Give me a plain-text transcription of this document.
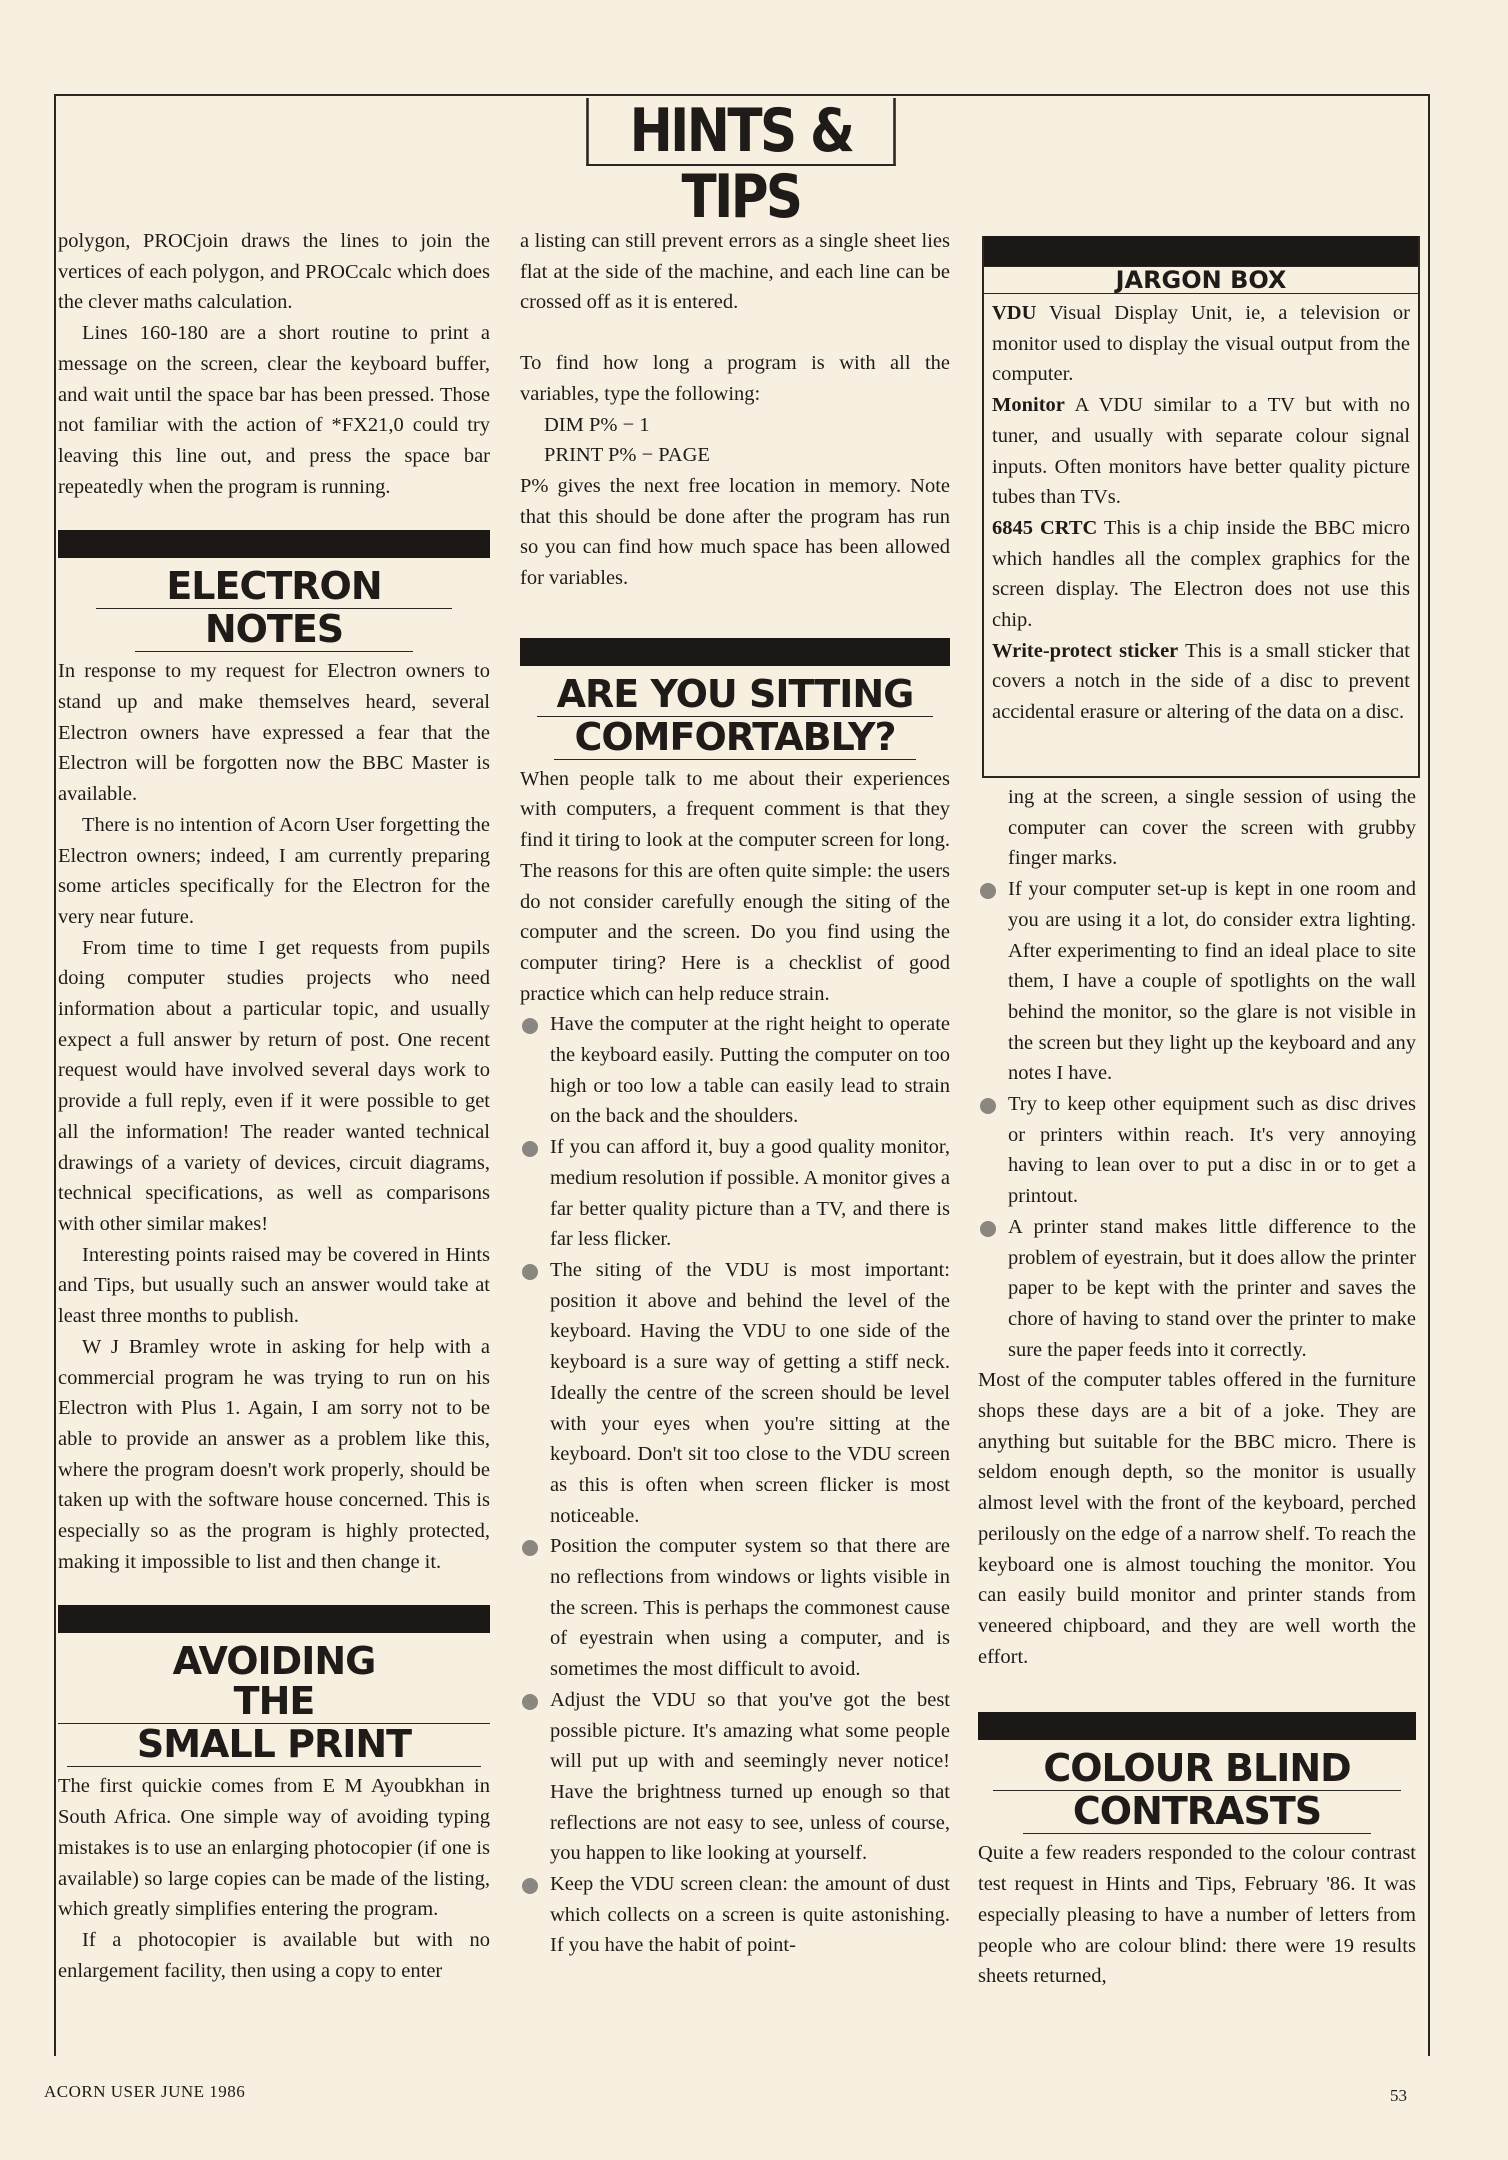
HINTS & TIPS

polygon, PROCjoin draws the lines to join the vertices of each polygon, and PROCcalc which does the clever maths calculation.

Lines 160-180 are a short routine to print a message on the screen, clear the keyboard buffer, and wait until the space bar has been pressed. Those not familiar with the action of *FX21,0 could try leaving this line out, and press the space bar repeatedly when the program is running.

ELECTRON
NOTES

In response to my request for Electron owners to stand up and make themselves heard, several Electron owners have expressed a fear that the Electron will be forgotten now the BBC Master is available.

There is no intention of Acorn User forgetting the Electron owners; indeed, I am currently preparing some articles specifically for the Electron for the very near future.

From time to time I get requests from pupils doing computer studies projects who need information about a particular topic, and usually expect a full answer by return of post. One recent request would have involved several days work to provide a full reply, even if it were possible to get all the information! The reader wanted technical drawings of a variety of devices, circuit diagrams, technical specifications, as well as comparisons with other similar makes!

Interesting points raised may be covered in Hints and Tips, but usually such an answer would take at least three months to publish.

W J Bramley wrote in asking for help with a commercial program he was trying to run on his Electron with Plus 1. Again, I am sorry not to be able to provide an answer as a problem like this, where the program doesn't work properly, should be taken up with the software house concerned. This is especially so as the program is highly protected, making it impossible to list and then change it.

AVOIDING THE
SMALL PRINT

The first quickie comes from E M Ayoubkhan in South Africa. One simple way of avoiding typing mistakes is to use an enlarging photocopier (if one is available) so large copies can be made of the listing, which greatly simplifies entering the program.

If a photocopier is available but with no enlargement facility, then using a copy to enter

a listing can still prevent errors as a single sheet lies flat at the side of the machine, and each line can be crossed off as it is entered.

To find how long a program is with all the variables, type the following:

DIM P% − 1

PRINT P% − PAGE

P% gives the next free location in memory. Note that this should be done after the program has run so you can find how much space has been allowed for variables.

ARE YOU SITTING
COMFORTABLY?

When people talk to me about their experiences with computers, a frequent comment is that they find it tiring to look at the computer screen for long. The reasons for this are often quite simple: the users do not consider carefully enough the siting of the computer and the screen. Do you find using the computer tiring? Here is a checklist of good practice which can help reduce strain.

Have the computer at the right height to operate the keyboard easily. Putting the computer on too high or too low a table can easily lead to strain on the back and the shoulders.
If you can afford it, buy a good quality monitor, medium resolution if possible. A monitor gives a far better quality picture than a TV, and there is far less flicker.
The siting of the VDU is most important: position it above and behind the level of the keyboard. Having the VDU to one side of the keyboard is a sure way of getting a stiff neck. Ideally the centre of the screen should be level with your eyes when you're sitting at the keyboard. Don't sit too close to the VDU screen as this is often when screen flicker is most noticeable.
Position the computer system so that there are no reflections from windows or lights visible in the screen. This is perhaps the commonest cause of eyestrain when using a computer, and is sometimes the most difficult to avoid.
Adjust the VDU so that you've got the best possible picture. It's amazing what some people will put up with and seemingly never notice! Have the brightness turned up enough so that reflections are not easy to see, unless of course, you happen to like looking at yourself.
Keep the VDU screen clean: the amount of dust which collects on a screen is quite astonishing. If you have the habit of point-
JARGON BOX

VDU Visual Display Unit, ie, a television or monitor used to display the visual output from the computer.

Monitor A VDU similar to a TV but with no tuner, and usually with separate colour signal inputs. Often monitors have better quality picture tubes than TVs.

6845 CRTC This is a chip inside the BBC micro which handles all the complex graphics for the screen display. The Electron does not use this chip.

Write-protect sticker This is a small sticker that covers a notch in the side of a disc to prevent accidental erasure or altering of the data on a disc.

ing at the screen, a single session of using the computer can cover the screen with grubby finger marks.

If your computer set-up is kept in one room and you are using it a lot, do consider extra lighting. After experimenting to find an ideal place to site them, I have a couple of spotlights on the wall behind the monitor, so the glare is not visible in the screen but they light up the keyboard and any notes I have.
Try to keep other equipment such as disc drives or printers within reach. It's very annoying having to lean over to put a disc in or to get a printout.
A printer stand makes little difference to the problem of eyestrain, but it does allow the printer paper to be kept with the printer and saves the chore of having to stand over the printer to make sure the paper feeds into it correctly.

Most of the computer tables offered in the furniture shops these days are a bit of a joke. They are anything but suitable for the BBC micro. There is seldom enough depth, so the monitor is usually almost level with the front of the keyboard, perched perilously on the edge of a narrow shelf. To reach the keyboard one is almost touching the monitor. You can easily build monitor and printer stands from veneered chipboard, and they are well worth the effort.

COLOUR BLIND
CONTRASTS

Quite a few readers responded to the colour contrast test request in Hints and Tips, February '86. It was especially pleasing to have a number of letters from people who are colour blind: there were 19 results sheets returned,

ACORN USER JUNE 1986	53
